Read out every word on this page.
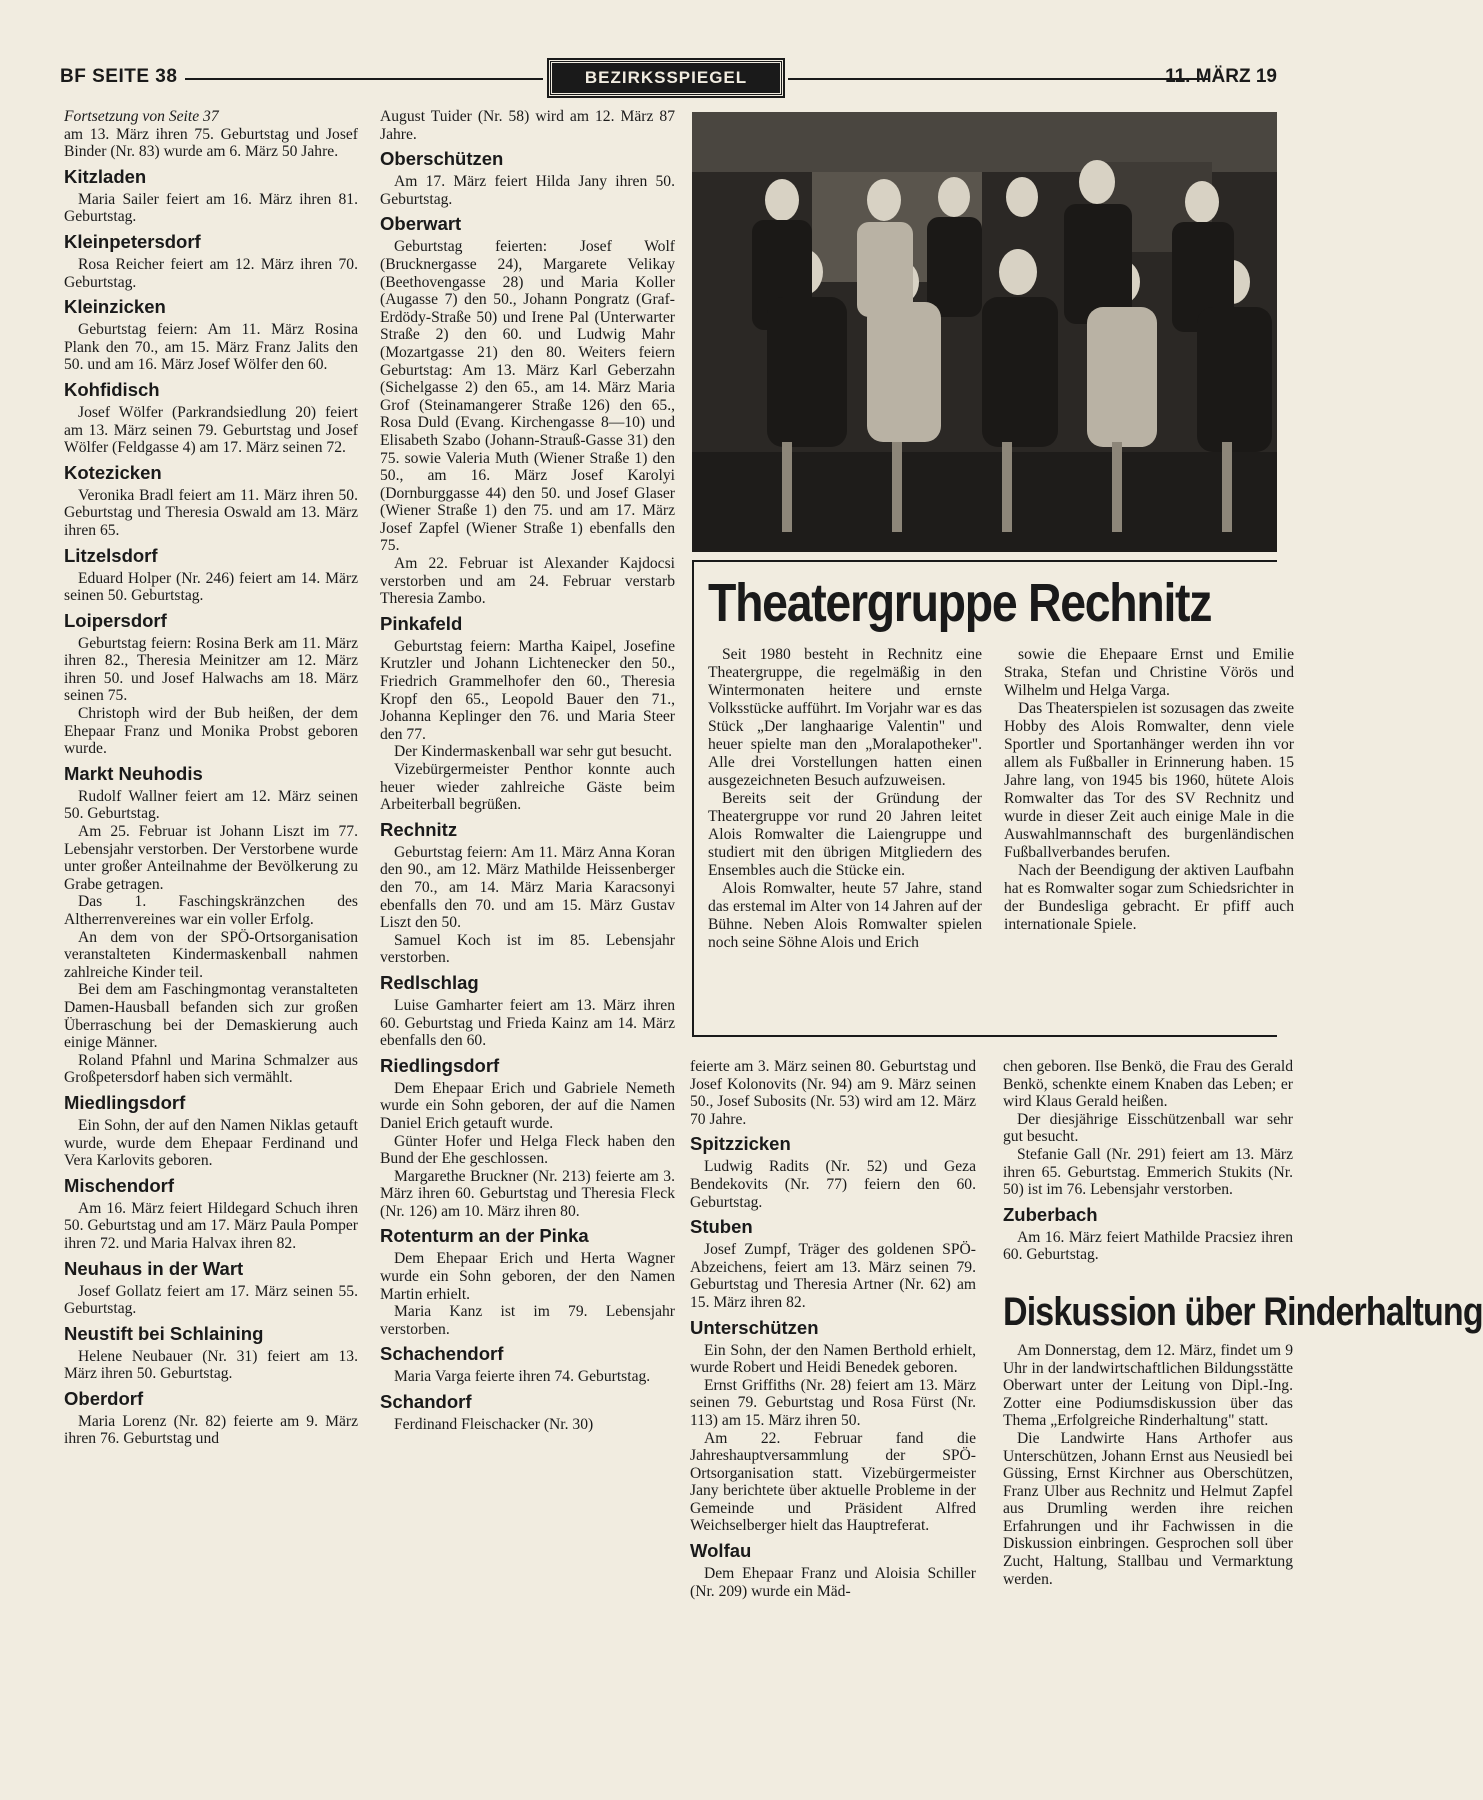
BF SEITE 38	BEZIRKSSPIEGEL	11. MÄRZ 19

Fortsetzung von Seite 37

am 13. März ihren 75. Geburtstag und Josef Binder (Nr. 83) wurde am 6. März 50 Jahre.

Kitzladen

Maria Sailer feiert am 16. März ihren 81. Geburtstag.

Kleinpetersdorf

Rosa Reicher feiert am 12. März ihren 70. Geburtstag.

Kleinzicken

Geburtstag feiern: Am 11. März Rosina Plank den 70., am 15. März Franz Jalits den 50. und am 16. März Josef Wölfer den 60.

Kohfidisch

Josef Wölfer (Parkrandsiedlung 20) feiert am 13. März seinen 79. Geburtstag und Josef Wölfer (Feldgasse 4) am 17. März seinen 72.

Kotezicken

Veronika Bradl feiert am 11. März ihren 50. Geburtstag und Theresia Oswald am 13. März ihren 65.

Litzelsdorf

Eduard Holper (Nr. 246) feiert am 14. März seinen 50. Geburtstag.

Loipersdorf

Geburtstag feiern: Rosina Berk am 11. März ihren 82., Theresia Meinitzer am 12. März ihren 50. und Josef Halwachs am 18. März seinen 75.

Christoph wird der Bub heißen, der dem Ehepaar Franz und Monika Probst geboren wurde.

Markt Neuhodis

Rudolf Wallner feiert am 12. März seinen 50. Geburtstag.

Am 25. Februar ist Johann Liszt im 77. Lebensjahr verstorben. Der Verstorbene wurde unter großer Anteilnahme der Bevölkerung zu Grabe getragen.

Das 1. Faschingskränzchen des Altherrenvereines war ein voller Erfolg.

An dem von der SPÖ-Ortsorganisation veranstalteten Kindermaskenball nahmen zahlreiche Kinder teil.

Bei dem am Faschingmontag veranstalteten Damen-Hausball befanden sich zur großen Überraschung bei der Demaskierung auch einige Männer.

Roland Pfahnl und Marina Schmalzer aus Großpetersdorf haben sich vermählt.

Miedlingsdorf

Ein Sohn, der auf den Namen Niklas getauft wurde, wurde dem Ehepaar Ferdinand und Vera Karlovits geboren.

Mischendorf

Am 16. März feiert Hildegard Schuch ihren 50. Geburtstag und am 17. März Paula Pomper ihren 72. und Maria Halvax ihren 82.

Neuhaus in der Wart

Josef Gollatz feiert am 17. März seinen 55. Geburtstag.

Neustift bei Schlaining

Helene Neubauer (Nr. 31) feiert am 13. März ihren 50. Geburtstag.

Oberdorf

Maria Lorenz (Nr. 82) feierte am 9. März ihren 76. Geburtstag und

August Tuider (Nr. 58) wird am 12. März 87 Jahre.

Oberschützen

Am 17. März feiert Hilda Jany ihren 50. Geburtstag.

Oberwart

Geburtstag feierten: Josef Wolf (Brucknergasse 24), Margarete Velikay (Beethovengasse 28) und Maria Koller (Augasse 7) den 50., Johann Pongratz (Graf-Erdödy-Straße 50) und Irene Pal (Unterwarter Straße 2) den 60. und Ludwig Mahr (Mozartgasse 21) den 80. Weiters feiern Geburtstag: Am 13. März Karl Geberzahn (Sichelgasse 2) den 65., am 14. März Maria Grof (Steinamangerer Straße 126) den 65., Rosa Duld (Evang. Kirchengasse 8—10) und Elisabeth Szabo (Johann-Strauß-Gasse 31) den 75. sowie Valeria Muth (Wiener Straße 1) den 50., am 16. März Josef Karolyi (Dornburggasse 44) den 50. und Josef Glaser (Wiener Straße 1) den 75. und am 17. März Josef Zapfel (Wiener Straße 1) ebenfalls den 75.

Am 22. Februar ist Alexander Kajdocsi verstorben und am 24. Februar verstarb Theresia Zambo.

Pinkafeld

Geburtstag feiern: Martha Kaipel, Josefine Krutzler und Johann Lichtenecker den 50., Friedrich Grammelhofer den 60., Theresia Kropf den 65., Leopold Bauer den 71., Johanna Keplinger den 76. und Maria Steer den 77.

Der Kindermaskenball war sehr gut besucht.

Vizebürgermeister Penthor konnte auch heuer wieder zahlreiche Gäste beim Arbeiterball begrüßen.

Rechnitz

Geburtstag feiern: Am 11. März Anna Koran den 90., am 12. März Mathilde Heissenberger den 70., am 14. März Maria Karacsonyi ebenfalls den 70. und am 15. März Gustav Liszt den 50.

Samuel Koch ist im 85. Lebensjahr verstorben.

Redlschlag

Luise Gamharter feiert am 13. März ihren 60. Geburtstag und Frieda Kainz am 14. März ebenfalls den 60.

Riedlingsdorf

Dem Ehepaar Erich und Gabriele Nemeth wurde ein Sohn geboren, der auf die Namen Daniel Erich getauft wurde.

Günter Hofer und Helga Fleck haben den Bund der Ehe geschlossen.

Margarethe Bruckner (Nr. 213) feierte am 3. März ihren 60. Geburtstag und Theresia Fleck (Nr. 126) am 10. März ihren 80.

Rotenturm an der Pinka

Dem Ehepaar Erich und Herta Wagner wurde ein Sohn geboren, der den Namen Martin erhielt.

Maria Kanz ist im 79. Lebensjahr verstorben.

Schachendorf

Maria Varga feierte ihren 74. Geburtstag.

Schandorf

Ferdinand Fleischacker (Nr. 30)

Theatergruppe Rechnitz

Seit 1980 besteht in Rechnitz eine Theatergruppe, die regelmäßig in den Wintermonaten heitere und ernste Volksstücke aufführt. Im Vorjahr war es das Stück „Der langhaarige Valentin" und heuer spielte man den „Moralapotheker". Alle drei Vorstellungen hatten einen ausgezeichneten Besuch aufzuweisen.

Bereits seit der Gründung der Theatergruppe vor rund 20 Jahren leitet Alois Romwalter die Laiengruppe und studiert mit den übrigen Mitgliedern des Ensembles auch die Stücke ein.

Alois Romwalter, heute 57 Jahre, stand das erstemal im Alter von 14 Jahren auf der Bühne. Neben Alois Romwalter spielen noch seine Söhne Alois und Erich

sowie die Ehepaare Ernst und Emilie Straka, Stefan und Christine Vörös und Wilhelm und Helga Varga.

Das Theaterspielen ist sozusagen das zweite Hobby des Alois Romwalter, denn viele Sportler und Sportanhänger werden ihn vor allem als Fußballer in Erinnerung haben. 15 Jahre lang, von 1945 bis 1960, hütete Alois Romwalter das Tor des SV Rechnitz und wurde in dieser Zeit auch einige Male in die Auswahlmannschaft des burgenländischen Fußballverbandes berufen.

Nach der Beendigung der aktiven Laufbahn hat es Romwalter sogar zum Schiedsrichter in der Bundesliga gebracht. Er pfiff auch internationale Spiele.

feierte am 3. März seinen 80. Geburtstag und Josef Kolonovits (Nr. 94) am 9. März seinen 50., Josef Subosits (Nr. 53) wird am 12. März 70 Jahre.

Spitzzicken

Ludwig Radits (Nr. 52) und Geza Bendekovits (Nr. 77) feiern den 60. Geburtstag.

Stuben

Josef Zumpf, Träger des goldenen SPÖ-Abzeichens, feiert am 13. März seinen 79. Geburtstag und Theresia Artner (Nr. 62) am 15. März ihren 82.

Unterschützen

Ein Sohn, der den Namen Berthold erhielt, wurde Robert und Heidi Benedek geboren.

Ernst Griffiths (Nr. 28) feiert am 13. März seinen 79. Geburtstag und Rosa Fürst (Nr. 113) am 15. März ihren 50.

Am 22. Februar fand die Jahreshauptversammlung der SPÖ-Ortsorganisation statt. Vizebürgermeister Jany berichtete über aktuelle Probleme in der Gemeinde und Präsident Alfred Weichselberger hielt das Hauptreferat.

Wolfau

Dem Ehepaar Franz und Aloisia Schiller (Nr. 209) wurde ein Mäd-

chen geboren. Ilse Benkö, die Frau des Gerald Benkö, schenkte einem Knaben das Leben; er wird Klaus Gerald heißen.

Der diesjährige Eisschützenball war sehr gut besucht.

Stefanie Gall (Nr. 291) feiert am 13. März ihren 65. Geburtstag. Emmerich Stukits (Nr. 50) ist im 76. Lebensjahr verstorben.

Zuberbach

Am 16. März feiert Mathilde Pracsiez ihren 60. Geburtstag.

Diskussion über Rinderhaltung

Am Donnerstag, dem 12. März, findet um 9 Uhr in der landwirtschaftlichen Bildungsstätte Oberwart unter der Leitung von Dipl.-Ing. Zotter eine Podiumsdiskussion über das Thema „Erfolgreiche Rinderhaltung" statt.

Die Landwirte Hans Arthofer aus Unterschützen, Johann Ernst aus Neusiedl bei Güssing, Ernst Kirchner aus Oberschützen, Franz Ulber aus Rechnitz und Helmut Zapfel aus Drumling werden ihre reichen Erfahrungen und ihr Fachwissen in die Diskussion einbringen. Gesprochen soll über Zucht, Haltung, Stallbau und Vermarktung werden.
